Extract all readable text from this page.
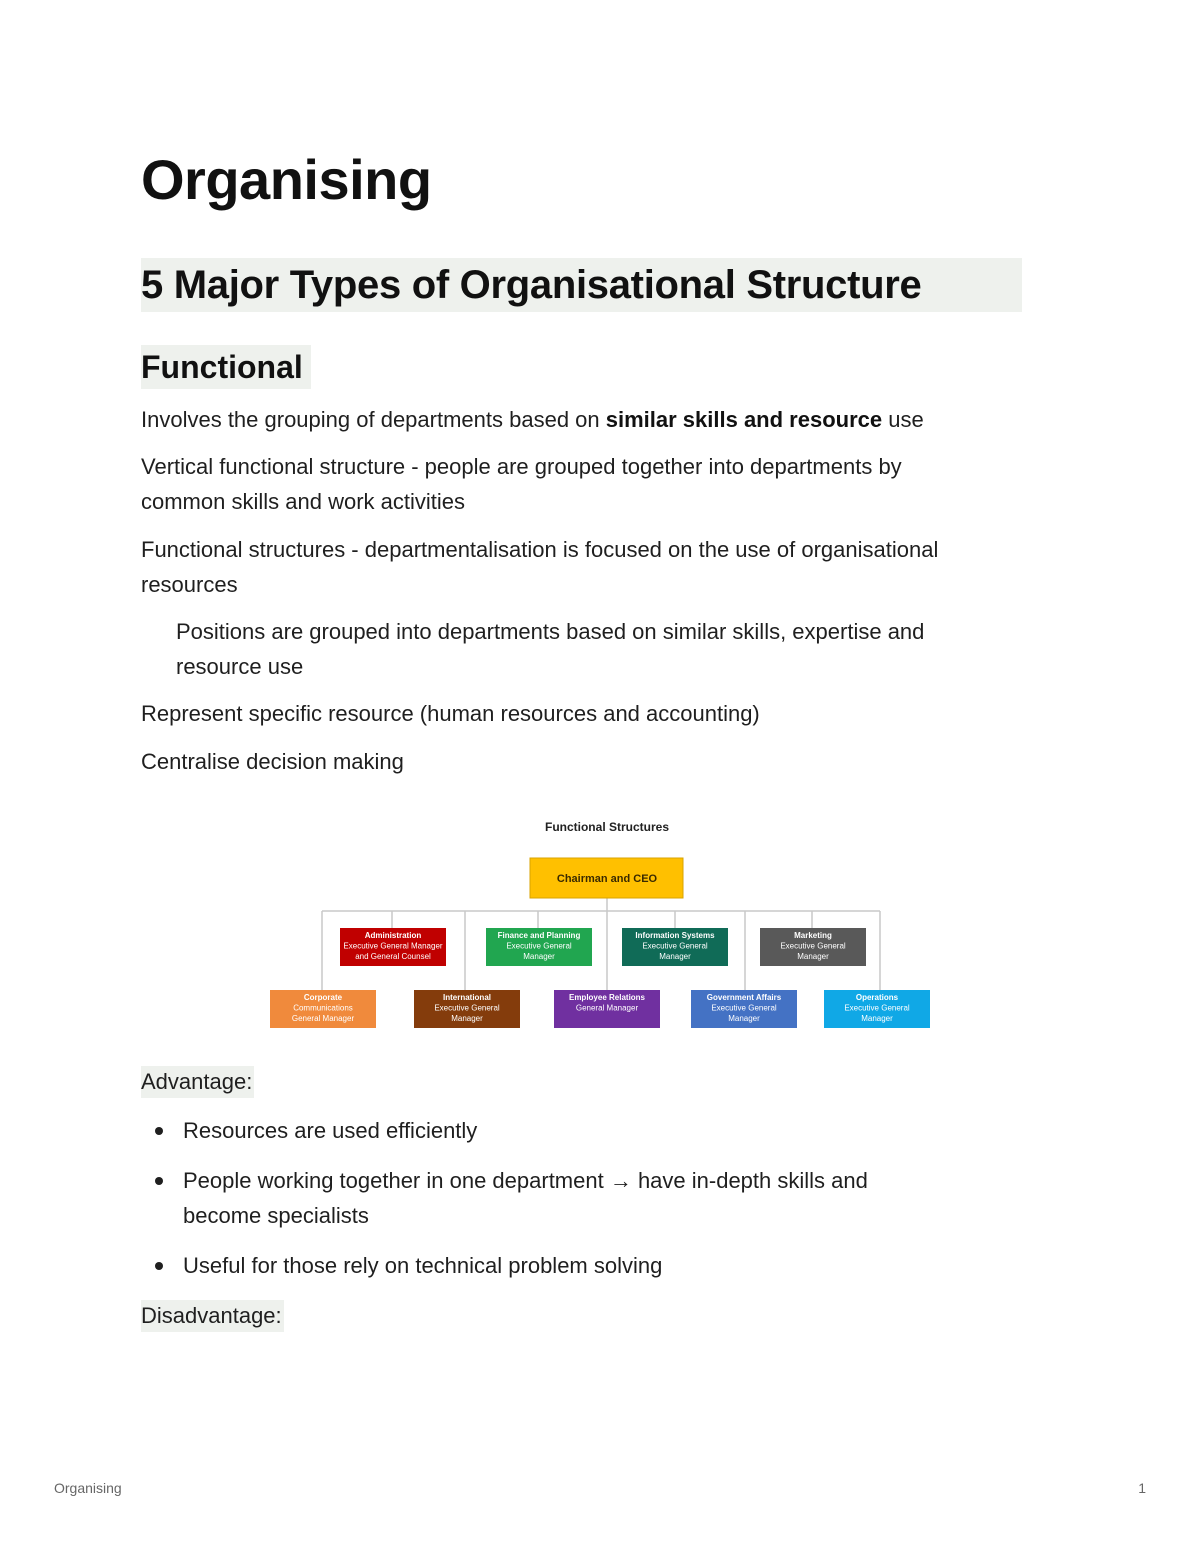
Organising
5 Major Types of Organisational Structure
Functional

Involves the grouping of departments based on similar skills and resource use

Vertical functional structure - people are grouped together into departments by
common skills and work activities

Functional structures - departmentalisation is focused on the use of organisational
resources

Positions are grouped into departments based on similar skills, expertise and
resource use

Represent specific resource (human resources and accounting)

Centralise decision making

Functional Structures
Chairman and CEO
Administration
Executive General Manager
and General Counsel
Finance and Planning
Executive General
Manager
Information Systems
Executive General
Manager
Marketing
Executive General
Manager
Corporate
Communications
General Manager
International
Executive General
Manager
Employee Relations
General Manager
Government Affairs
Executive General
Manager
Operations
Executive General
Manager

Advantage:

Resources are used efficiently
People working together in one department → have in-depth skills and
become specialists
Useful for those rely on technical problem solving

Disadvantage:

Organising	1
